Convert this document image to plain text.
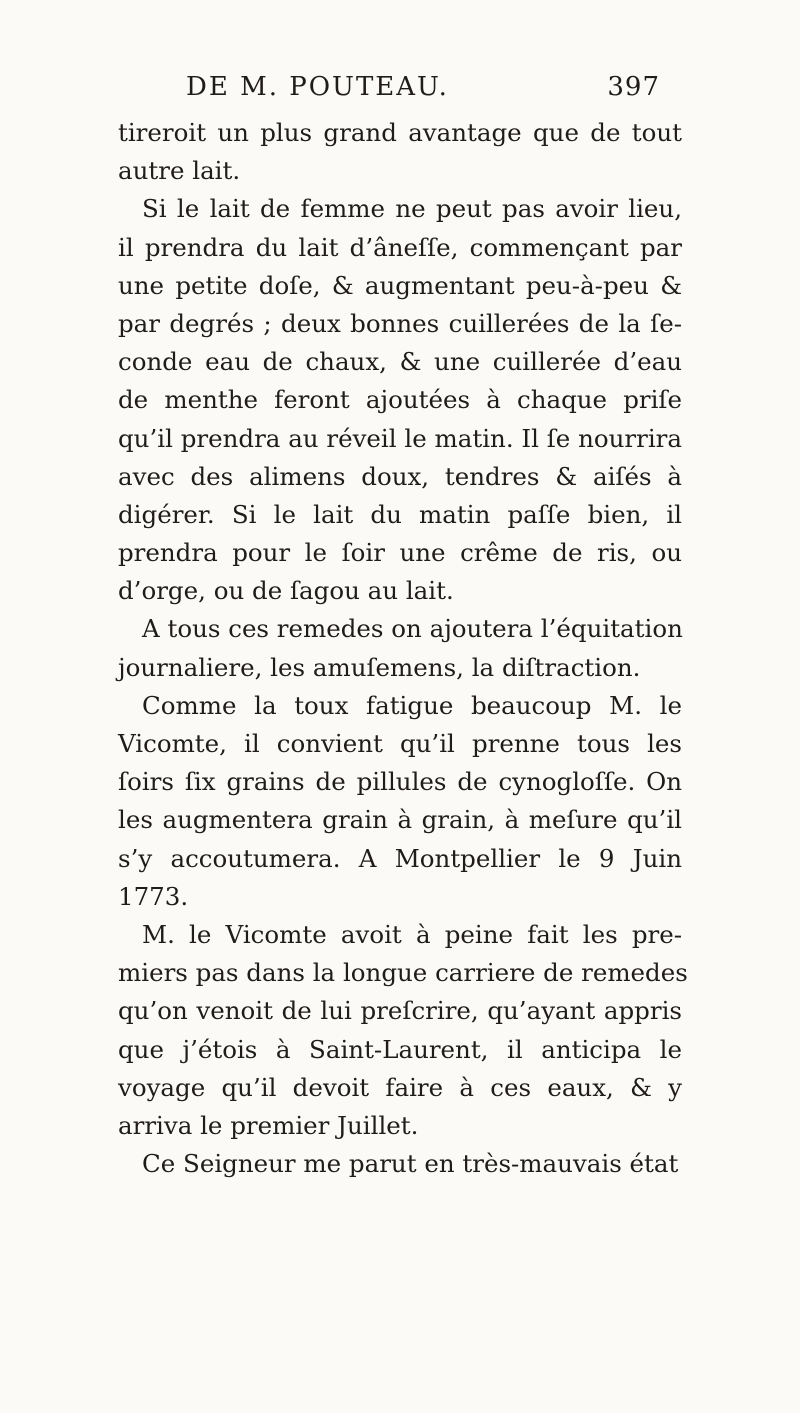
DE M. POUTEAU.	397
tireroit un plus grand avantage que de tout
autre lait.
Si le lait de femme ne peut pas avoir lieu,
il prendra du lait d’âneſſe, commençant par
une petite doſe, & augmentant peu-à-peu &
par degrés ; deux bonnes cuillerées de la ſe-
conde eau de chaux, & une cuillerée d’eau
de menthe feront ajoutées à chaque priſe
qu’il prendra au réveil le matin. Il ſe nourrira
avec des alimens doux, tendres & aiſés à
digérer. Si le lait du matin paſſe bien, il
prendra pour le ſoir une crême de ris, ou
d’orge, ou de ſagou au lait.
A tous ces remedes on ajoutera l’équitation
journaliere, les amuſemens, la diſtraction.
Comme la toux fatigue beaucoup M. le
Vicomte, il convient qu’il prenne tous les
ſoirs ſix grains de pillules de cynogloſſe. On
les augmentera grain à grain, à meſure qu’il
s’y accoutumera. A Montpellier le 9 Juin
1773.
M. le Vicomte avoit à peine fait les pre-
miers pas dans la longue carriere de remedes
qu’on venoit de lui preſcrire, qu’ayant appris
que j’étois à Saint-Laurent, il anticipa le
voyage qu’il devoit faire à ces eaux, & y
arriva le premier Juillet.
Ce Seigneur me parut en très-mauvais état
